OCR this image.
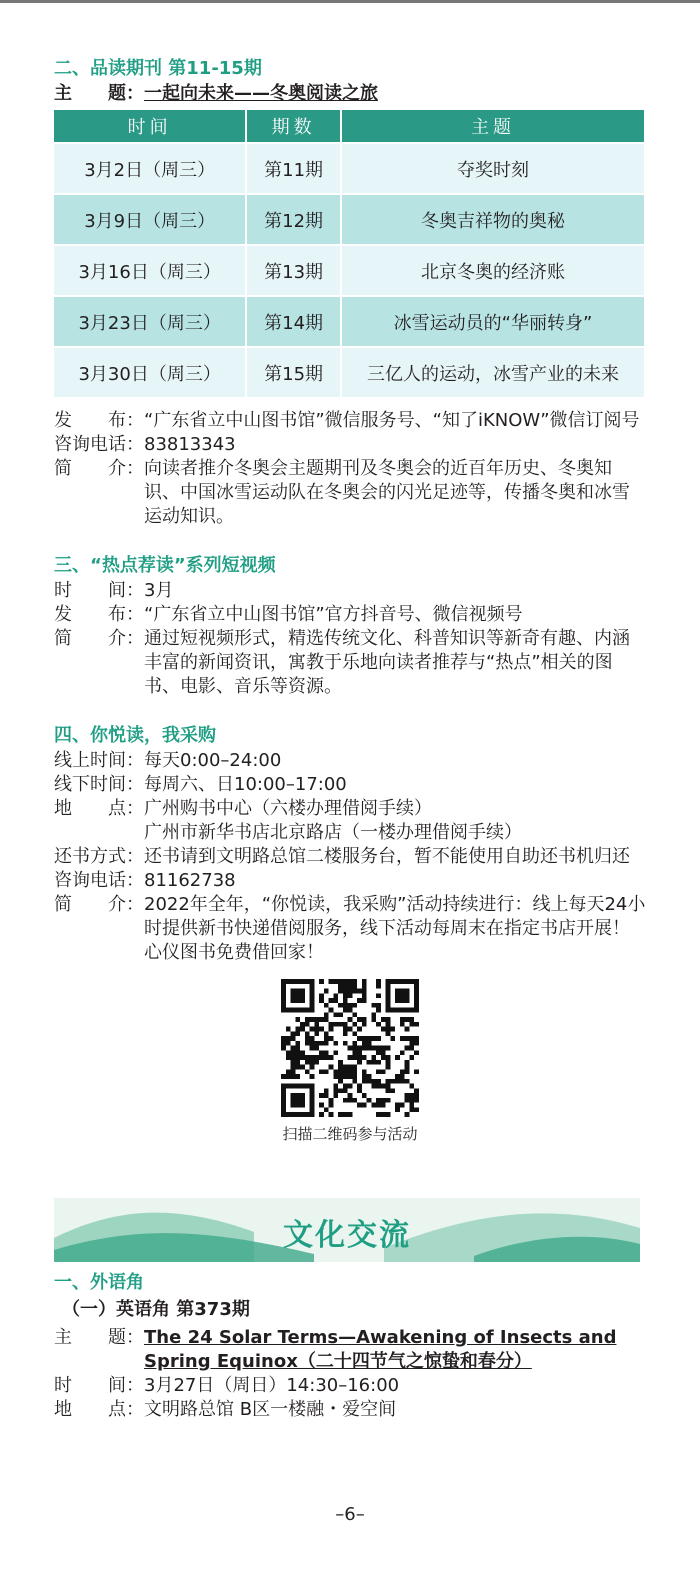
二、品读期刊 第11-15期
主　　题： 一起向未来——冬奥阅读之旅
时间	期数	主题
3月2日（周三）	第11期	夺奖时刻
3月9日（周三）	第12期	冬奥吉祥物的奥秘
3月16日（周三）	第13期	北京冬奥的经济账
3月23日（周三）	第14期	冰雪运动员的“华丽转身”
3月30日（周三）	第15期	三亿人的运动，冰雪产业的未来
发　　布： “广东省立中山图书馆”微信服务号、“知了iKNOW”微信订阅号
咨询电话： 83813343
简　　介： 向读者推介冬奥会主题期刊及冬奥会的近百年历史、冬奥知识、中国冰雪运动队在冬奥会的闪光足迹等，传播冬奥和冰雪运动知识。
三、“热点荐读”系列短视频
时　　间： 3月
发　　布： “广东省立中山图书馆”官方抖音号、微信视频号
简　　介： 通过短视频形式，精选传统文化、科普知识等新奇有趣、内涵丰富的新闻资讯，寓教于乐地向读者推荐与“热点”相关的图书、电影、音乐等资源。
四、你悦读，我采购
线上时间： 每天0:00–24:00
线下时间： 每周六、日10:00–17:00
地　　点： 广州购书中心（六楼办理借阅手续）
广州市新华书店北京路店（一楼办理借阅手续）
还书方式： 还书请到文明路总馆二楼服务台，暂不能使用自助还书机归还
咨询电话： 81162738
简　　介： 2022年全年，“你悦读，我采购”活动持续进行：线上每天24小时提供新书快递借阅服务，线下活动每周末在指定书店开展！心仪图书免费借回家！
扫描二维码参与活动
文化交流
一、外语角
（一）英语角 第373期
主　　题： The 24 Solar Terms—Awakening of Insects and
Spring Equinox（二十四节气之惊蛰和春分）
时　　间： 3月27日（周日）14:30–16:00
地　　点： 文明路总馆 B区一楼融・爱空间
–6–
